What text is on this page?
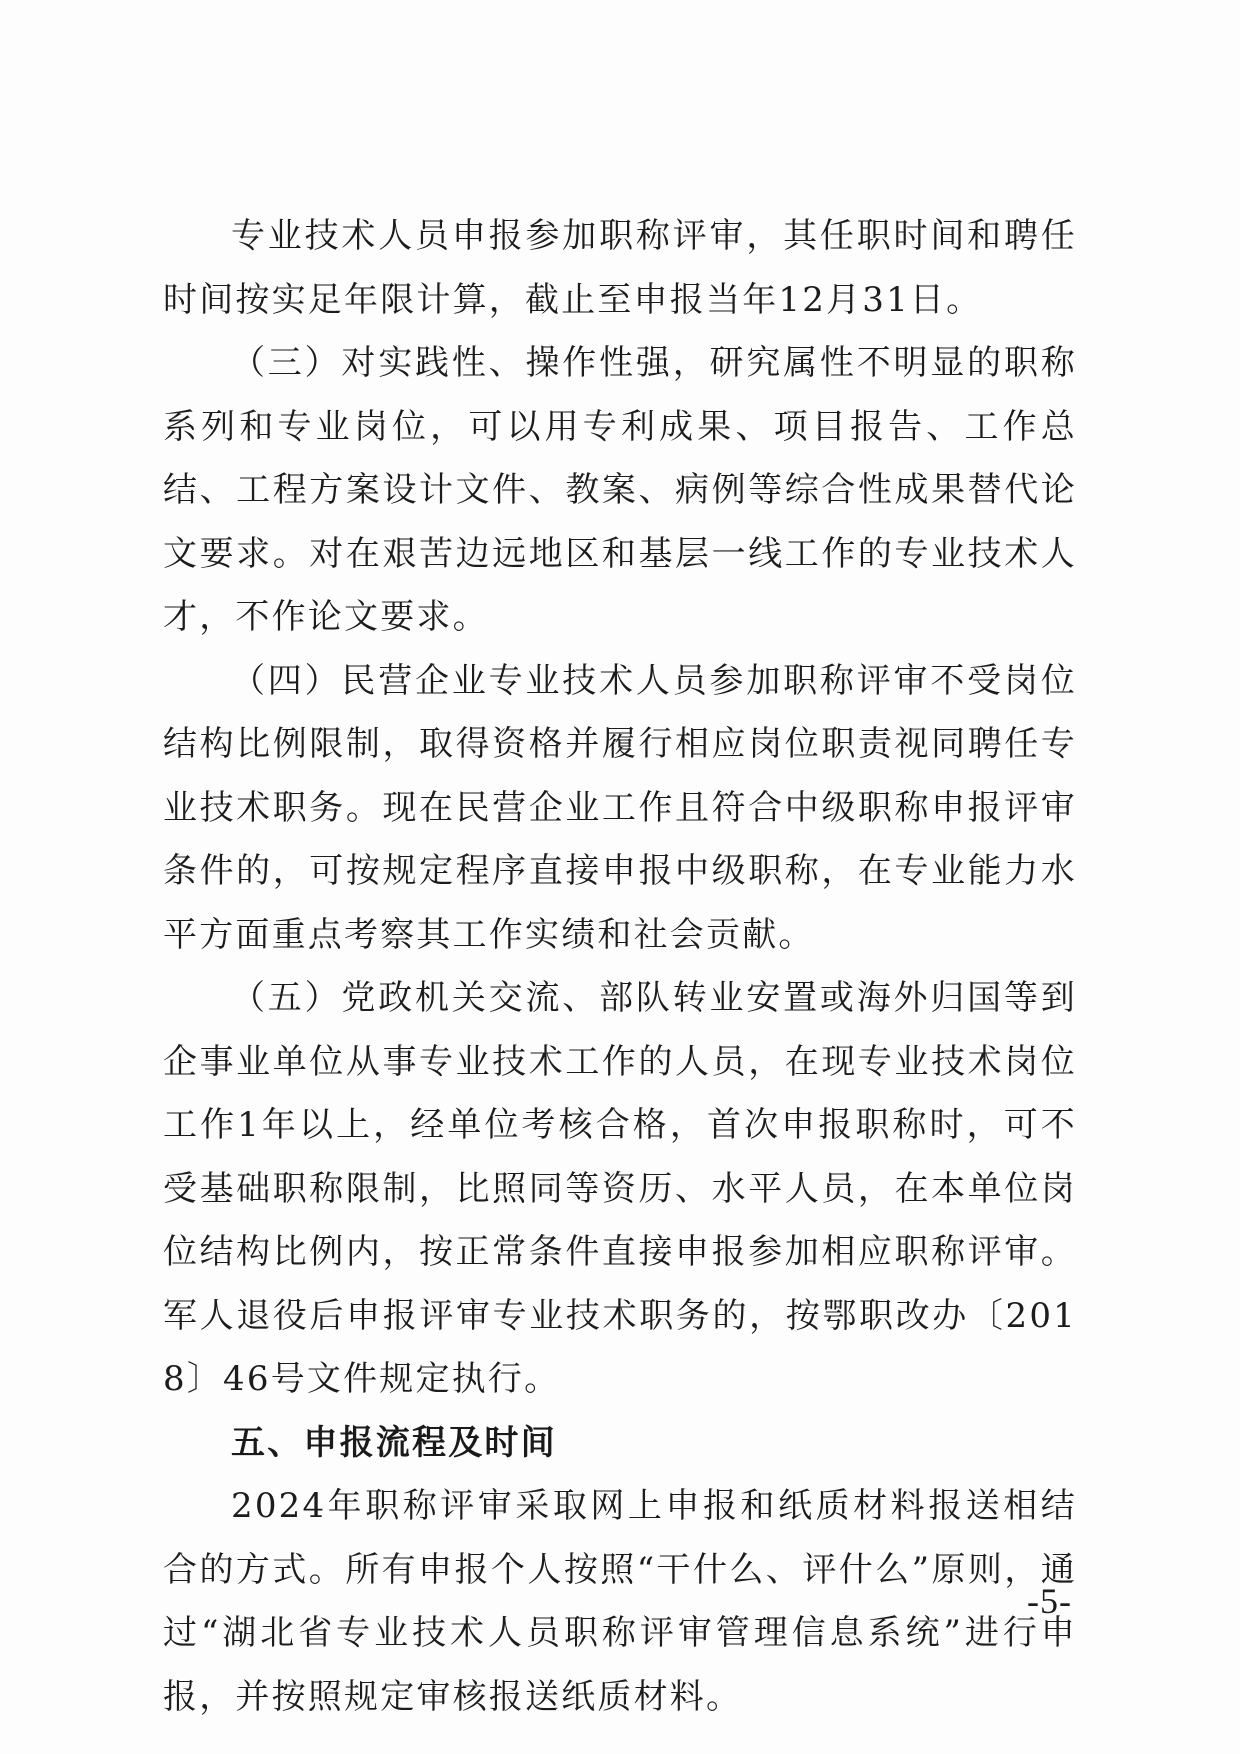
专业技术人员申报参加职称评审，其任职时间和聘任时间按实足年限计算，截止至申报当年12月31日。

（三）对实践性、操作性强，研究属性不明显的职称系列和专业岗位，可以用专利成果、项目报告、工作总结、工程方案设计文件、教案、病例等综合性成果替代论文要求。对在艰苦边远地区和基层一线工作的专业技术人才，不作论文要求。

（四）民营企业专业技术人员参加职称评审不受岗位结构比例限制，取得资格并履行相应岗位职责视同聘任专业技术职务。现在民营企业工作且符合中级职称申报评审条件的，可按规定程序直接申报中级职称，在专业能力水平方面重点考察其工作实绩和社会贡献。

（五）党政机关交流、部队转业安置或海外归国等到企事业单位从事专业技术工作的人员，在现专业技术岗位工作1年以上，经单位考核合格，首次申报职称时，可不受基础职称限制，比照同等资历、水平人员，在本单位岗位结构比例内，按正常条件直接申报参加相应职称评审。军人退役后申报评审专业技术职务的，按鄂职改办〔2018〕46号文件规定执行。

五、申报流程及时间

2024年职称评审采取网上申报和纸质材料报送相结合的方式。所有申报个人按照“干什么、评什么”原则，通过“湖北省专业技术人员职称评审管理信息系统”进行申报，并按照规定审核报送纸质材料。

-5-
